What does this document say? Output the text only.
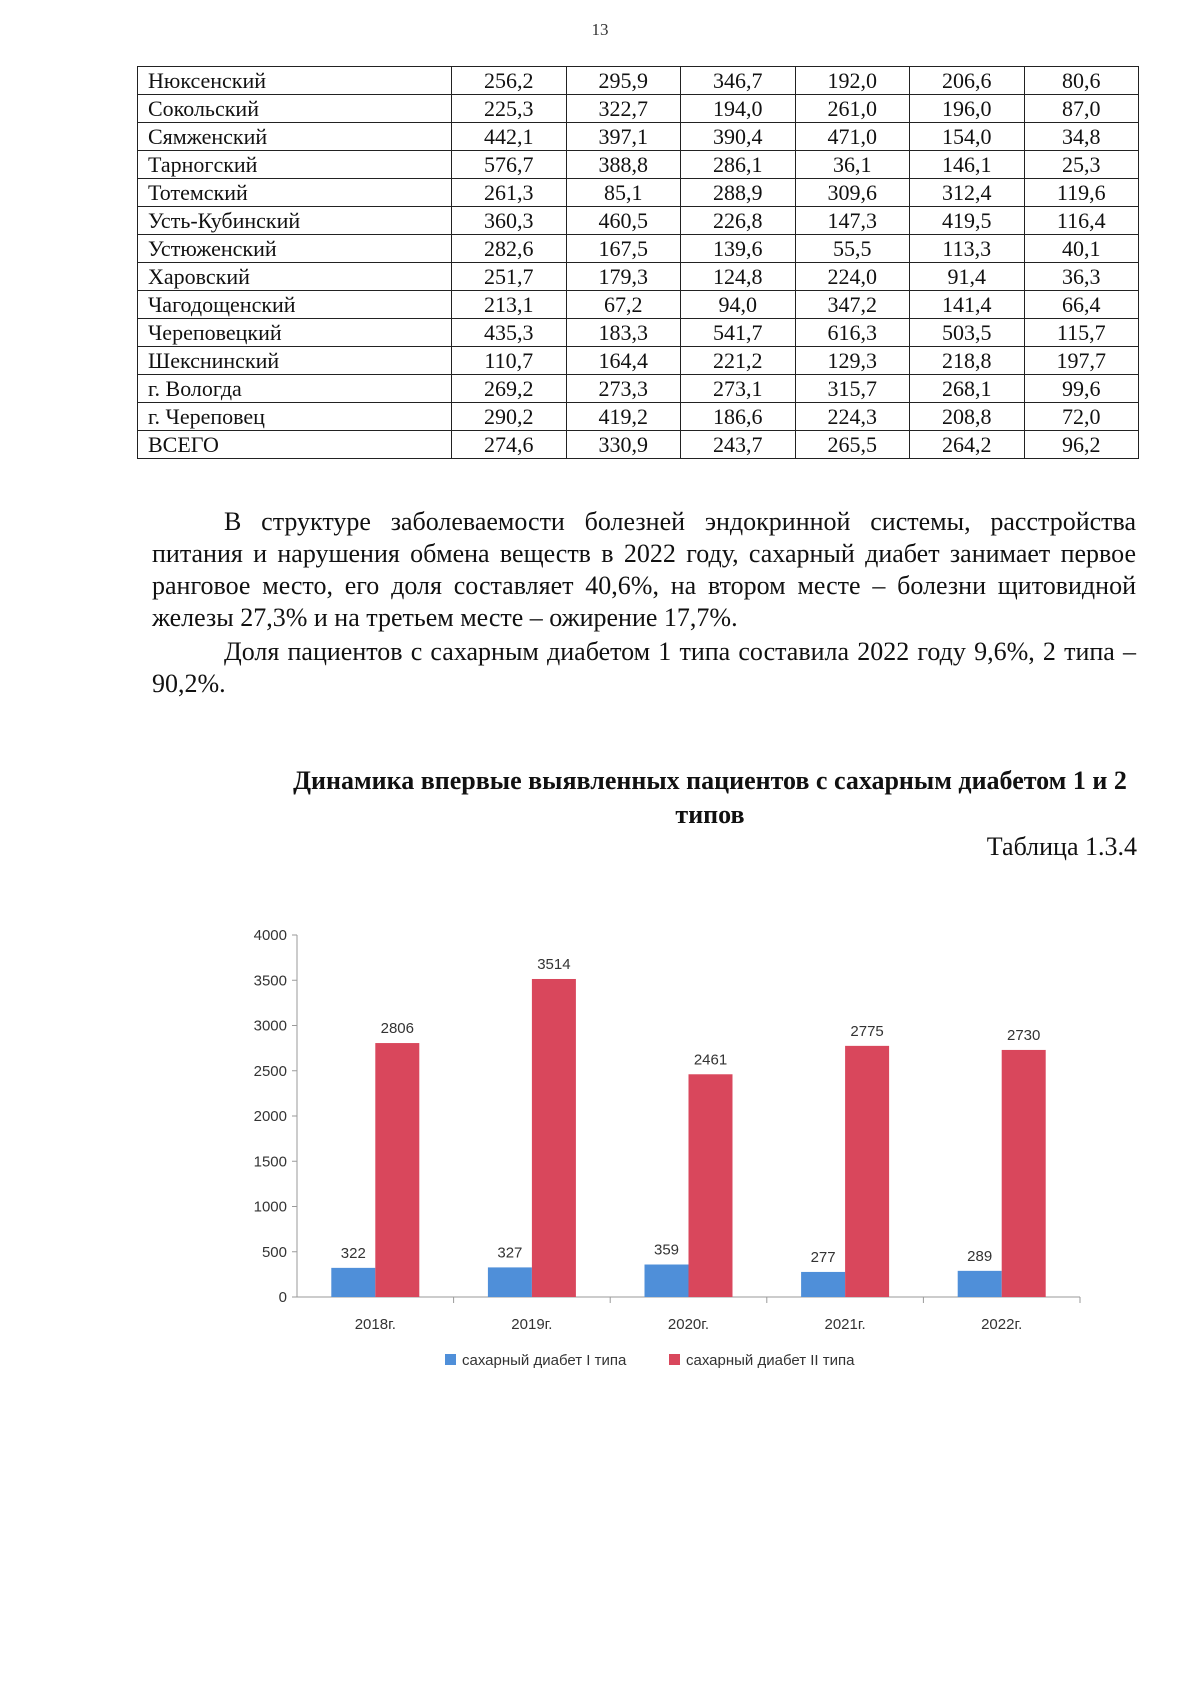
13
Нюксенский	256,2	295,9	346,7	192,0	206,6	80,6
Сокольский	225,3	322,7	194,0	261,0	196,0	87,0
Сямженский	442,1	397,1	390,4	471,0	154,0	34,8
Тарногский	576,7	388,8	286,1	36,1	146,1	25,3
Тотемский	261,3	85,1	288,9	309,6	312,4	119,6
Усть-Кубинский	360,3	460,5	226,8	147,3	419,5	116,4
Устюженский	282,6	167,5	139,6	55,5	113,3	40,1
Харовский	251,7	179,3	124,8	224,0	91,4	36,3
Чагодощенский	213,1	67,2	94,0	347,2	141,4	66,4
Череповецкий	435,3	183,3	541,7	616,3	503,5	115,7
Шекснинский	110,7	164,4	221,2	129,3	218,8	197,7
г. Вологда	269,2	273,3	273,1	315,7	268,1	99,6
г. Череповец	290,2	419,2	186,6	224,3	208,8	72,0
ВСЕГО	274,6	330,9	243,7	265,5	264,2	96,2

В структуре заболеваемости болезней эндокринной системы, расстройства питания и нарушения обмена веществ в 2022 году, сахарный диабет занимает первое ранговое место, его доля составляет 40,6%, на втором месте – болезни щитовидной железы 27,3% и на третьем месте – ожирение 17,7%.

Доля пациентов с сахарным диабетом 1 типа составила 2022 году 9,6%, 2 типа – 90,2%.

Динамика впервые выявленных пациентов с сахарным диабетом 1 и 2 типов

Таблица 1.3.4

0
500
1000
1500
2000
2500
3000
3500
4000
2018г.
322
2806
2019г.
327
3514
2020г.
359
2461
2021г.
277
2775
2022г.
289
2730
сахарный диабет I типа	сахарный диабет II типа
